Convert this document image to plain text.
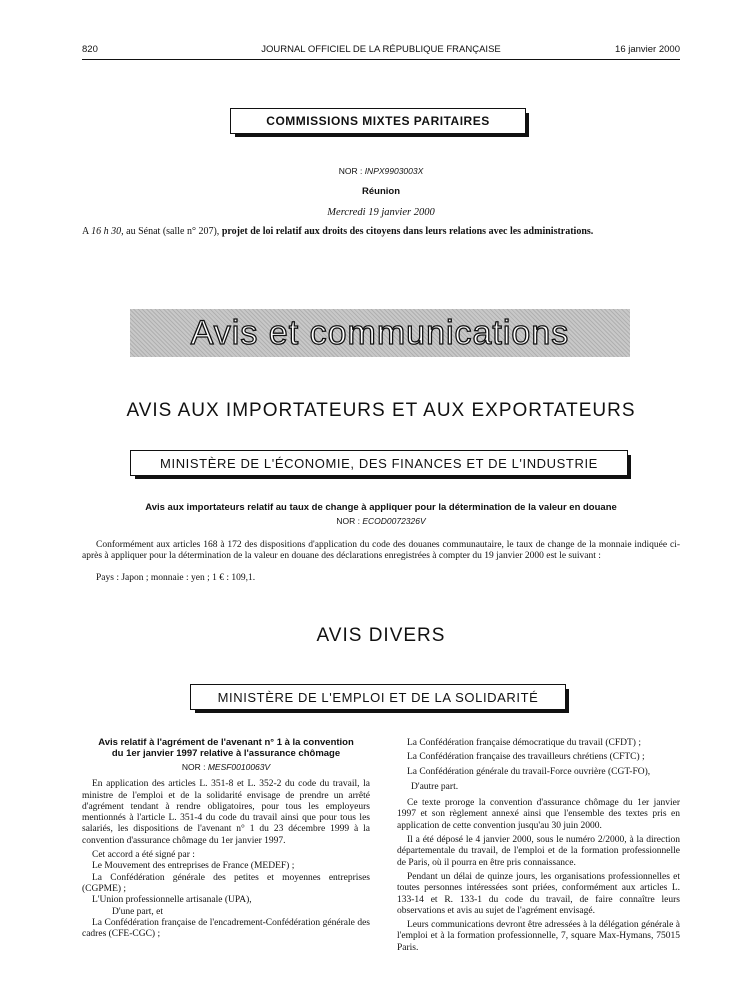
820	JOURNAL OFFICIEL DE LA RÉPUBLIQUE FRANÇAISE	16 janvier 2000
COMMISSIONS MIXTES PARITAIRES
NOR : INPX9903003X
Réunion
Mercredi 19 janvier 2000
A 16 h 30, au Sénat (salle n° 207), projet de loi relatif aux droits des citoyens dans leurs relations avec les administrations.
Avis et communications
AVIS AUX IMPORTATEURS ET AUX EXPORTATEURS
MINISTÈRE DE L'ÉCONOMIE, DES FINANCES ET DE L'INDUSTRIE
Avis aux importateurs relatif au taux de change à appliquer pour la détermination de la valeur en douane
NOR : ECOD0072326V
Conformément aux articles 168 à 172 des dispositions d'application du code des douanes communautaire, le taux de change de la monnaie indiquée ci-après à appliquer pour la détermination de la valeur en douane des déclarations enregistrées à compter du 19 janvier 2000 est le suivant :
Pays : Japon ; monnaie : yen ; 1 € : 109,1.
AVIS DIVERS
MINISTÈRE DE L'EMPLOI ET DE LA SOLIDARITÉ

Avis relatif à l'agrément de l'avenant n° 1 à la convention du 1er janvier 1997 relative à l'assurance chômage

NOR : MESF0010063V

En application des articles L. 351-8 et L. 352-2 du code du travail, la ministre de l'emploi et de la solidarité envisage de prendre un arrêté d'agrément tendant à rendre obligatoires, pour tous les employeurs mentionnés à l'article L. 351-4 du code du travail ainsi que pour tous les salariés, les dispositions de l'avenant n° 1 du 23 décembre 1999 à la convention d'assurance chômage du 1er janvier 1997.

Cet accord a été signé par :

Le Mouvement des entreprises de France (MEDEF) ;

La Confédération générale des petites et moyennes entreprises (CGPME) ;

L'Union professionnelle artisanale (UPA),

D'une part, et

La Confédération française de l'encadrement-Confédération générale des cadres (CFE-CGC) ;

La Confédération française démocratique du travail (CFDT) ;

La Confédération française des travailleurs chrétiens (CFTC) ;

La Confédération générale du travail-Force ouvrière (CGT-FO),

D'autre part.

Ce texte proroge la convention d'assurance chômage du 1er janvier 1997 et son règlement annexé ainsi que l'ensemble des textes pris en application de cette convention jusqu'au 30 juin 2000.

Il a été déposé le 4 janvier 2000, sous le numéro 2/2000, à la direction départementale du travail, de l'emploi et de la formation professionnelle de Paris, où il pourra en être pris connaissance.

Pendant un délai de quinze jours, les organisations professionnelles et toutes personnes intéressées sont priées, conformément aux articles L. 133-14 et R. 133-1 du code du travail, de faire connaître leurs observations et avis au sujet de l'agrément envisagé.

Leurs communications devront être adressées à la délégation générale à l'emploi et à la formation professionnelle, 7, square Max-Hymans, 75015 Paris.
